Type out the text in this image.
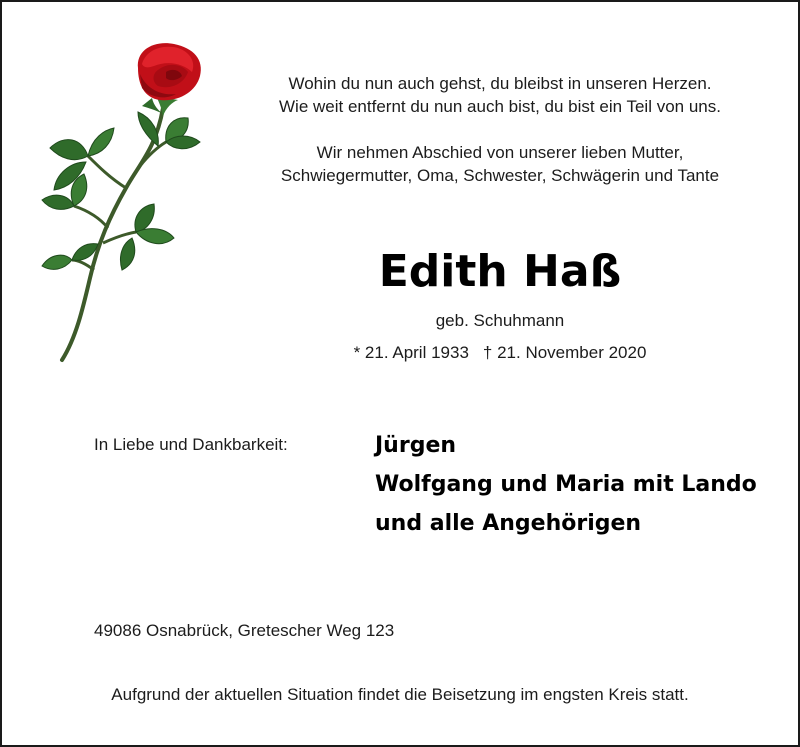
Wohin du nun auch gehst, du bleibst in unseren Herzen.
Wie weit entfernt du nun auch bist, du bist ein Teil von uns.
Wir nehmen Abschied von unserer lieben Mutter,
Schwiegermutter, Oma, Schwester, Schwägerin und Tante
Edith Haß
geb. Schuhmann
* 21. April 1933 † 21. November 2020
In Liebe und Dankbarkeit:	Jürgen
Wolfgang und Maria mit Lando
und alle Angehörigen
49086 Osnabrück, Gretescher Weg 123
Aufgrund der aktuellen Situation findet die Beisetzung im engsten Kreis statt.
